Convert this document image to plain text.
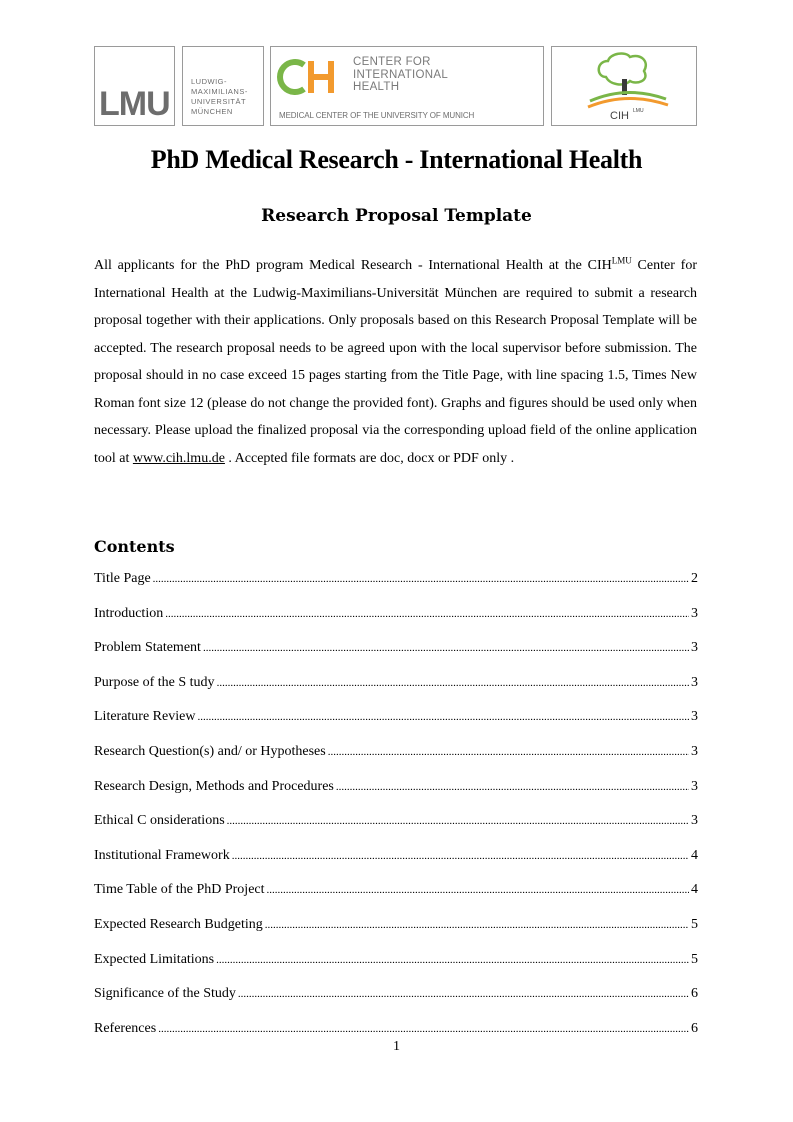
LMU
LUDWIG-
MAXIMILIANS-
UNIVERSITÄT
MÜNCHEN
CENTER FOR
INTERNATIONAL
HEALTH
MEDICAL CENTER OF THE UNIVERSITY OF MUNICH	CIH LMU
PhD Medical Research - International Health
Research Proposal Template

All applicants for the PhD program Medical Research - International Health at the $CIH^{LMU}$ Center for International Health at the Ludwig-Maximilians-Universität München are required to submit a research proposal together with their applications. Only proposals based on this Research Proposal Template will be accepted. The research proposal needs to be agreed upon with the local supervisor before submission. The proposal should in no case exceed 15 pages starting from the Title Page, with line spacing 1.5, Times New Roman font size 12 (please do not change the provided font). Graphs and figures should be used only when necessary. Please upload the finalized proposal via the corresponding upload field of the online application tool at www.cih.lmu.de . Accepted file formats are doc, docx or PDF only .

Contents
Title Page .....	2
Introduction .....	3
Problem Statement .....	3
Purpose of the S tudy .....	3
Literature Review .....	3
Research Question(s) and/ or Hypotheses .....	3
Research Design, Methods and Procedures .....	3
Ethical C onsiderations .....	3
Institutional Framework .....	4
Time Table of the PhD Project .....	4
Expected Research Budgeting .....	5
Expected Limitations .....	5
Significance of the Study .....	6
References .....	6
1
